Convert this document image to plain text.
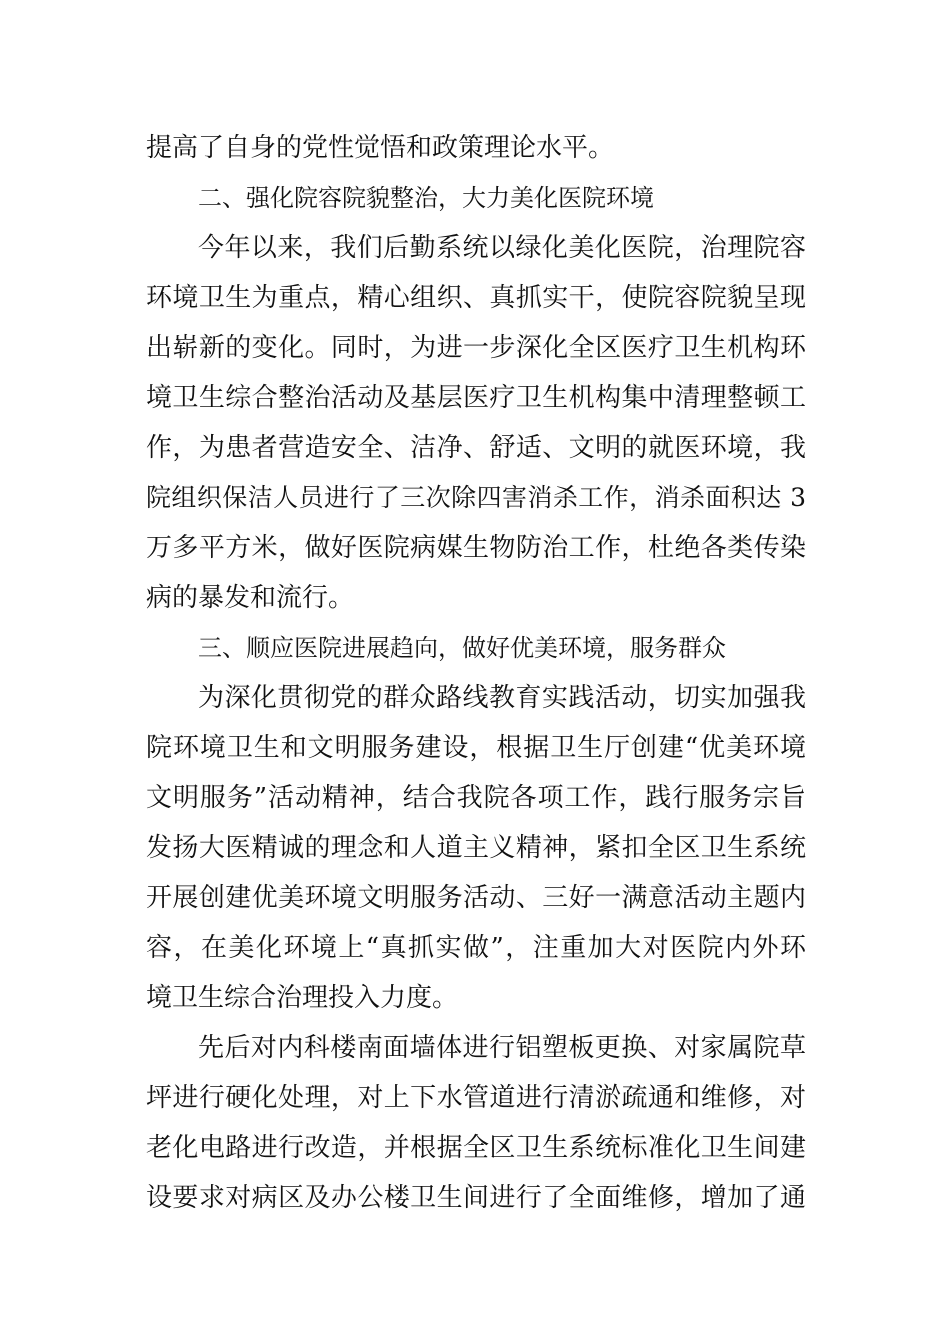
提高了自身的党性觉悟和政策理论水平。
二、强化院容院貌整治，大力美化医院环境
今年以来，我们后勤系统以绿化美化医院，治理院容
环境卫生为重点，精心组织、真抓实干，使院容院貌呈现
出崭新的变化。同时，为进一步深化全区医疗卫生机构环
境卫生综合整治活动及基层医疗卫生机构集中清理整顿工
作，为患者营造安全、洁净、舒适、文明的就医环境，我
院组织保洁人员进行了三次除四害消杀工作，消杀面积达 3
万多平方米，做好医院病媒生物防治工作，杜绝各类传染
病的暴发和流行。
三、顺应医院进展趋向，做好优美环境，服务群众
为深化贯彻党的群众路线教育实践活动，切实加强我
院环境卫生和文明服务建设，根据卫生厅创建“优美环境
文明服务”活动精神，结合我院各项工作，践行服务宗旨
发扬大医精诚的理念和人道主义精神，紧扣全区卫生系统
开展创建优美环境文明服务活动、三好一满意活动主题内
容，在美化环境上“真抓实做”，注重加大对医院内外环
境卫生综合治理投入力度。
先后对内科楼南面墙体进行铝塑板更换、对家属院草
坪进行硬化处理，对上下水管道进行清淤疏通和维修，对
老化电路进行改造，并根据全区卫生系统标准化卫生间建
设要求对病区及办公楼卫生间进行了全面维修，增加了通
